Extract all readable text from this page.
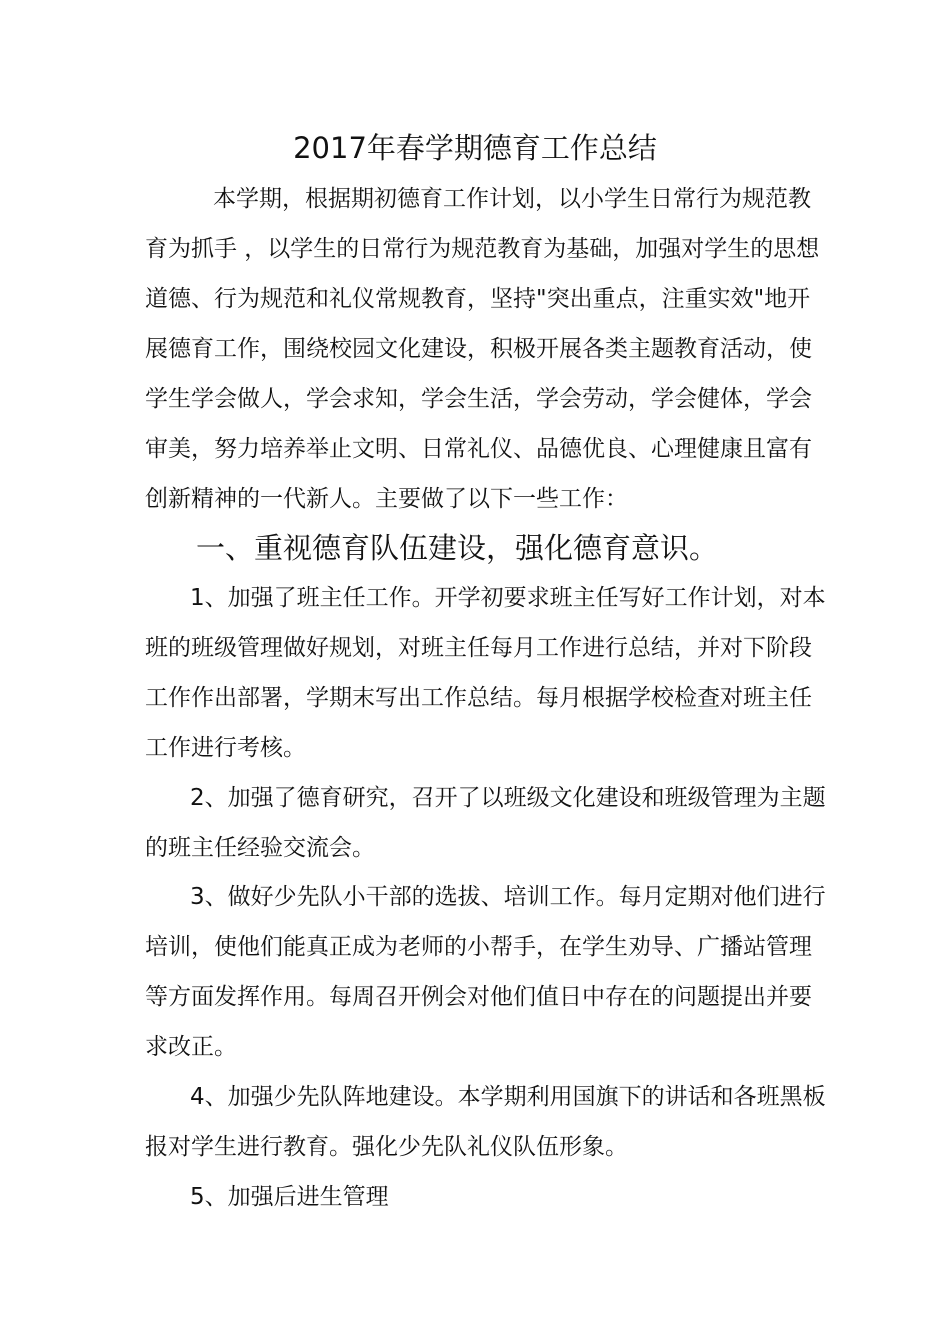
2017年春学期德育工作总结
本学期，根据期初德育工作计划，以小学生日常行为规范教
育为抓手 ，以学生的日常行为规范教育为基础，加强对学生的思想
道德、行为规范和礼仪常规教育，坚持"突出重点，注重实效"地开
展德育工作，围绕校园文化建设，积极开展各类主题教育活动，使
学生学会做人，学会求知，学会生活，学会劳动，学会健体，学会
审美，努力培养举止文明、日常礼仪、品德优良、心理健康且富有
创新精神的一代新人。主要做了以下一些工作：
一、重视德育队伍建设，强化德育意识。
1、加强了班主任工作。开学初要求班主任写好工作计划，对本
班的班级管理做好规划，对班主任每月工作进行总结，并对下阶段
工作作出部署，学期末写出工作总结。每月根据学校检查对班主任
工作进行考核。
2、加强了德育研究，召开了以班级文化建设和班级管理为主题
的班主任经验交流会。
3、做好少先队小干部的选拔、培训工作。每月定期对他们进行
培训，使他们能真正成为老师的小帮手，在学生劝导、广播站管理
等方面发挥作用。每周召开例会对他们值日中存在的问题提出并要
求改正。
4、加强少先队阵地建设。本学期利用国旗下的讲话和各班黑板
报对学生进行教育。强化少先队礼仪队伍形象。
5、加强后进生管理
